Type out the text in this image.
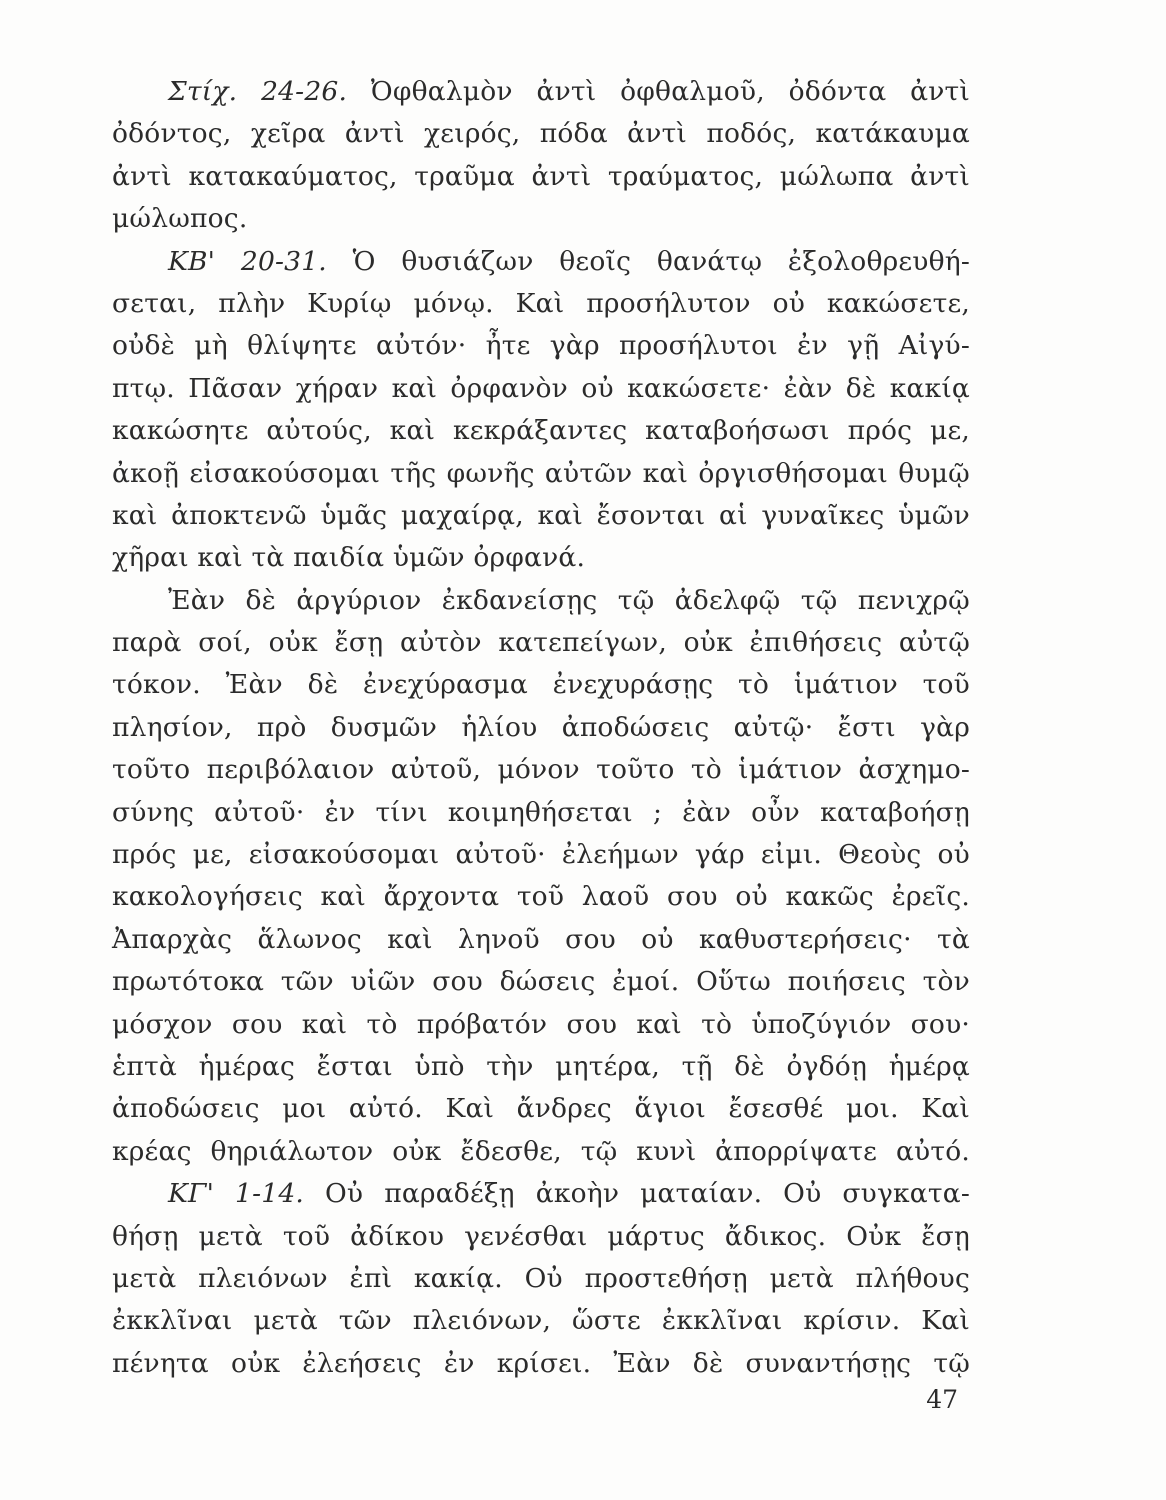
Στίχ. 24-26. Ὀφθαλμὸν ἀντὶ ὀφθαλμοῦ, ὀδόντα ἀντὶ
ὀδόντος, χεῖρα ἀντὶ χειρός, πόδα ἀντὶ ποδός, κατάκαυμα
ἀντὶ κατακαύματος, τραῦμα ἀντὶ τραύματος, μώλωπα ἀντὶ
μώλωπος.
ΚΒ' 20-31. Ὁ θυσιάζων θεοῖς θανάτῳ ἐξολοθρευθή-
σεται, πλὴν Κυρίῳ μόνῳ. Καὶ προσήλυτον οὐ κακώσετε,
οὐδὲ μὴ θλίψητε αὐτόν· ἦτε γὰρ προσήλυτοι ἐν γῇ Αἰγύ-
πτῳ. Πᾶσαν χήραν καὶ ὀρφανὸν οὐ κακώσετε· ἐὰν δὲ κακίᾳ
κακώσητε αὐτούς, καὶ κεκράξαντες καταβοήσωσι πρός με,
ἀκοῇ εἰσακούσομαι τῆς φωνῆς αὐτῶν καὶ ὀργισθήσομαι θυμῷ
καὶ ἀποκτενῶ ὑμᾶς μαχαίρᾳ, καὶ ἔσονται αἱ γυναῖκες ὑμῶν
χῆραι καὶ τὰ παιδία ὑμῶν ὀρφανά.
Ἐὰν δὲ ἀργύριον ἐκδανείσῃς τῷ ἀδελφῷ τῷ πενιχρῷ
παρὰ σοί, οὐκ ἔσῃ αὐτὸν κατεπείγων, οὐκ ἐπιθήσεις αὐτῷ
τόκον. Ἐὰν δὲ ἐνεχύρασμα ἐνεχυράσῃς τὸ ἱμάτιον τοῦ
πλησίον, πρὸ δυσμῶν ἡλίου ἀποδώσεις αὐτῷ· ἔστι γὰρ
τοῦτο περιβόλαιον αὐτοῦ, μόνον τοῦτο τὸ ἱμάτιον ἀσχημο-
σύνης αὐτοῦ· ἐν τίνι κοιμηθήσεται ; ἐὰν οὖν καταβοήσῃ
πρός με, εἰσακούσομαι αὐτοῦ· ἐλεήμων γάρ εἰμι. Θεοὺς οὐ
κακολογήσεις καὶ ἄρχοντα τοῦ λαοῦ σου οὐ κακῶς ἐρεῖς.
Ἀπαρχὰς ἅλωνος καὶ ληνοῦ σου οὐ καθυστερήσεις· τὰ
πρωτότοκα τῶν υἱῶν σου δώσεις ἐμοί. Οὕτω ποιήσεις τὸν
μόσχον σου καὶ τὸ πρόβατόν σου καὶ τὸ ὑποζύγιόν σου·
ἑπτὰ ἡμέρας ἔσται ὑπὸ τὴν μητέρα, τῇ δὲ ὀγδόῃ ἡμέρᾳ
ἀποδώσεις μοι αὐτό. Καὶ ἄνδρες ἅγιοι ἔσεσθέ μοι. Καὶ
κρέας θηριάλωτον οὐκ ἔδεσθε, τῷ κυνὶ ἀπορρίψατε αὐτό.
ΚΓ' 1-14. Οὐ παραδέξῃ ἀκοὴν ματαίαν. Οὐ συγκατα-
θήσῃ μετὰ τοῦ ἀδίκου γενέσθαι μάρτυς ἄδικος. Οὐκ ἔσῃ
μετὰ πλειόνων ἐπὶ κακίᾳ. Οὐ προστεθήσῃ μετὰ πλήθους
ἐκκλῖναι μετὰ τῶν πλειόνων, ὥστε ἐκκλῖναι κρίσιν. Καὶ
πένητα οὐκ ἐλεήσεις ἐν κρίσει. Ἐὰν δὲ συναντήσῃς τῷ
47
